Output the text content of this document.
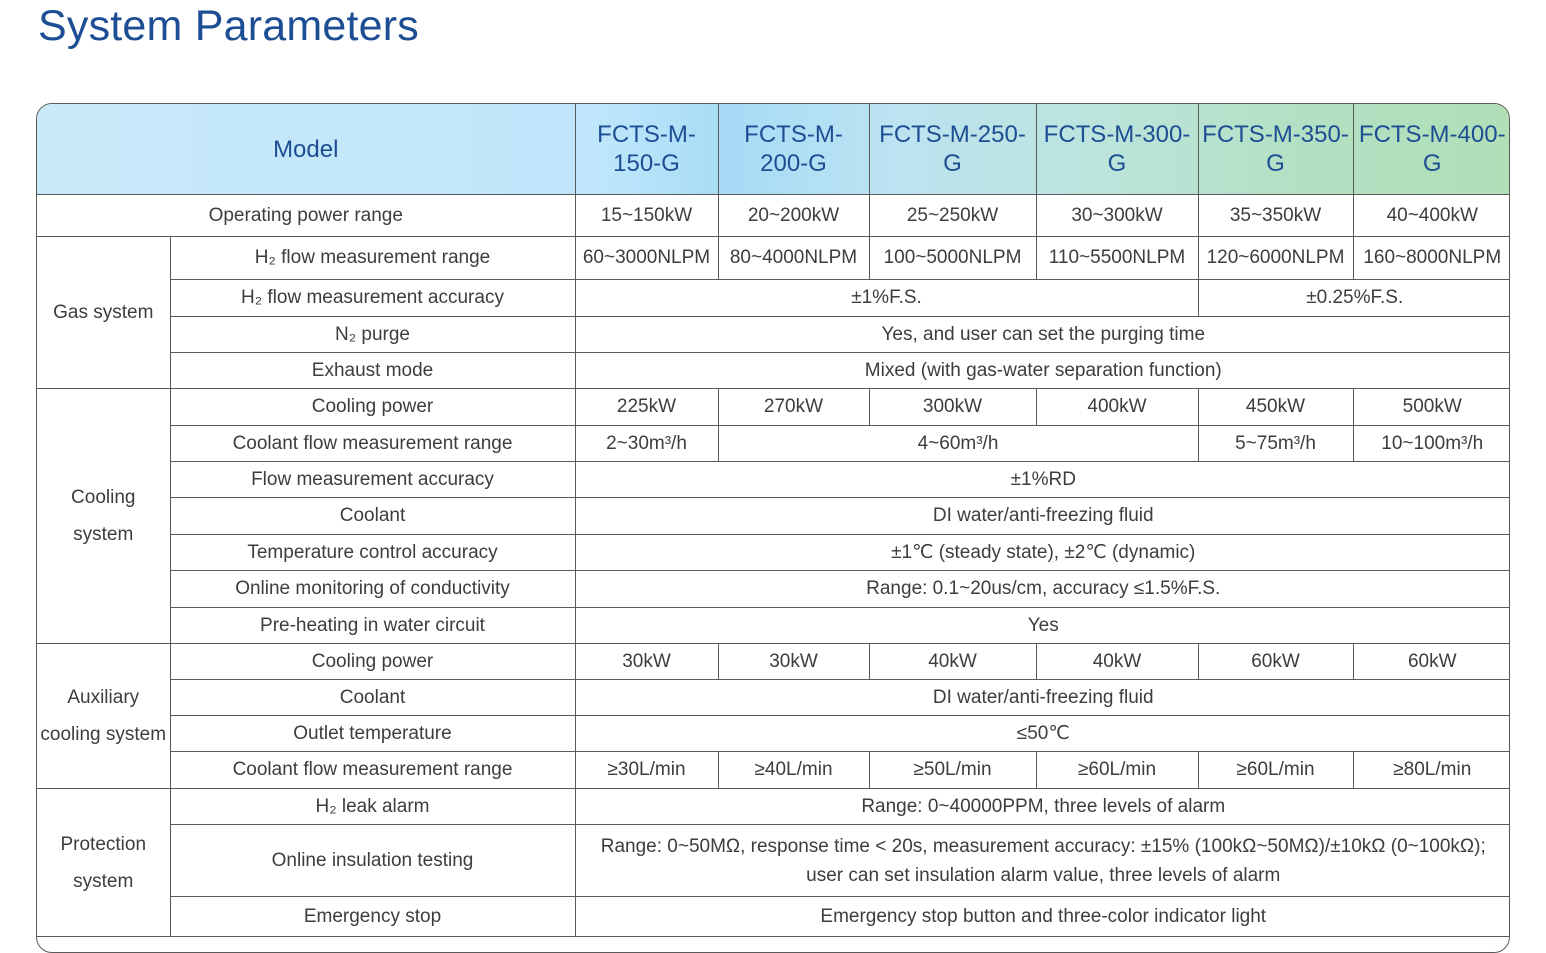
System Parameters
Model		FCTS-M-150-G	FCTS-M-200-G	FCTS-M-250-G	FCTS-M-300-G	FCTS-M-350-G	FCTS-M-400-G
Operating power range		15~150kW	20~200kW	25~250kW	30~300kW	35~350kW	40~400kW
Gas system	H₂ flow measurement range	60~3000NLPM	80~4000NLPM	100~5000NLPM	110~5500NLPM	120~6000NLPM	160~8000NLPM
	H₂ flow measurement accuracy	±1%F.S.				±0.25%F.S.	
	N₂ purge	Yes, and user can set the purging time					
	Exhaust mode	Mixed (with gas-water separation function)					
Cooling system	Cooling power	225kW	270kW	300kW	400kW	450kW	500kW
	Coolant flow measurement range	2~30m³/h	4~60m³/h			5~75m³/h	10~100m³/h
	Flow measurement accuracy	±1%RD					
	Coolant	DI water/anti-freezing fluid					
	Temperature control accuracy	±1℃ (steady state), ±2℃ (dynamic)					
	Online monitoring of conductivity	Range: 0.1~20us/cm, accuracy ≤1.5%F.S.					
	Pre-heating in water circuit	Yes					
Auxiliary cooling system	Cooling power	30kW	30kW	40kW	40kW	60kW	60kW
	Coolant	DI water/anti-freezing fluid					
	Outlet temperature	≤50℃					
	Coolant flow measurement range	≥30L/min	≥40L/min	≥50L/min	≥60L/min	≥60L/min	≥80L/min
Protection system	H₂ leak alarm	Range: 0~40000PPM, three levels of alarm					
	Online insulation testing	Range: 0~50MΩ, response time < 20s, measurement accuracy: ±15% (100kΩ~50MΩ)/±10kΩ (0~100kΩ); user can set insulation alarm value, three levels of alarm					
	Emergency stop	Emergency stop button and three-color indicator light					
